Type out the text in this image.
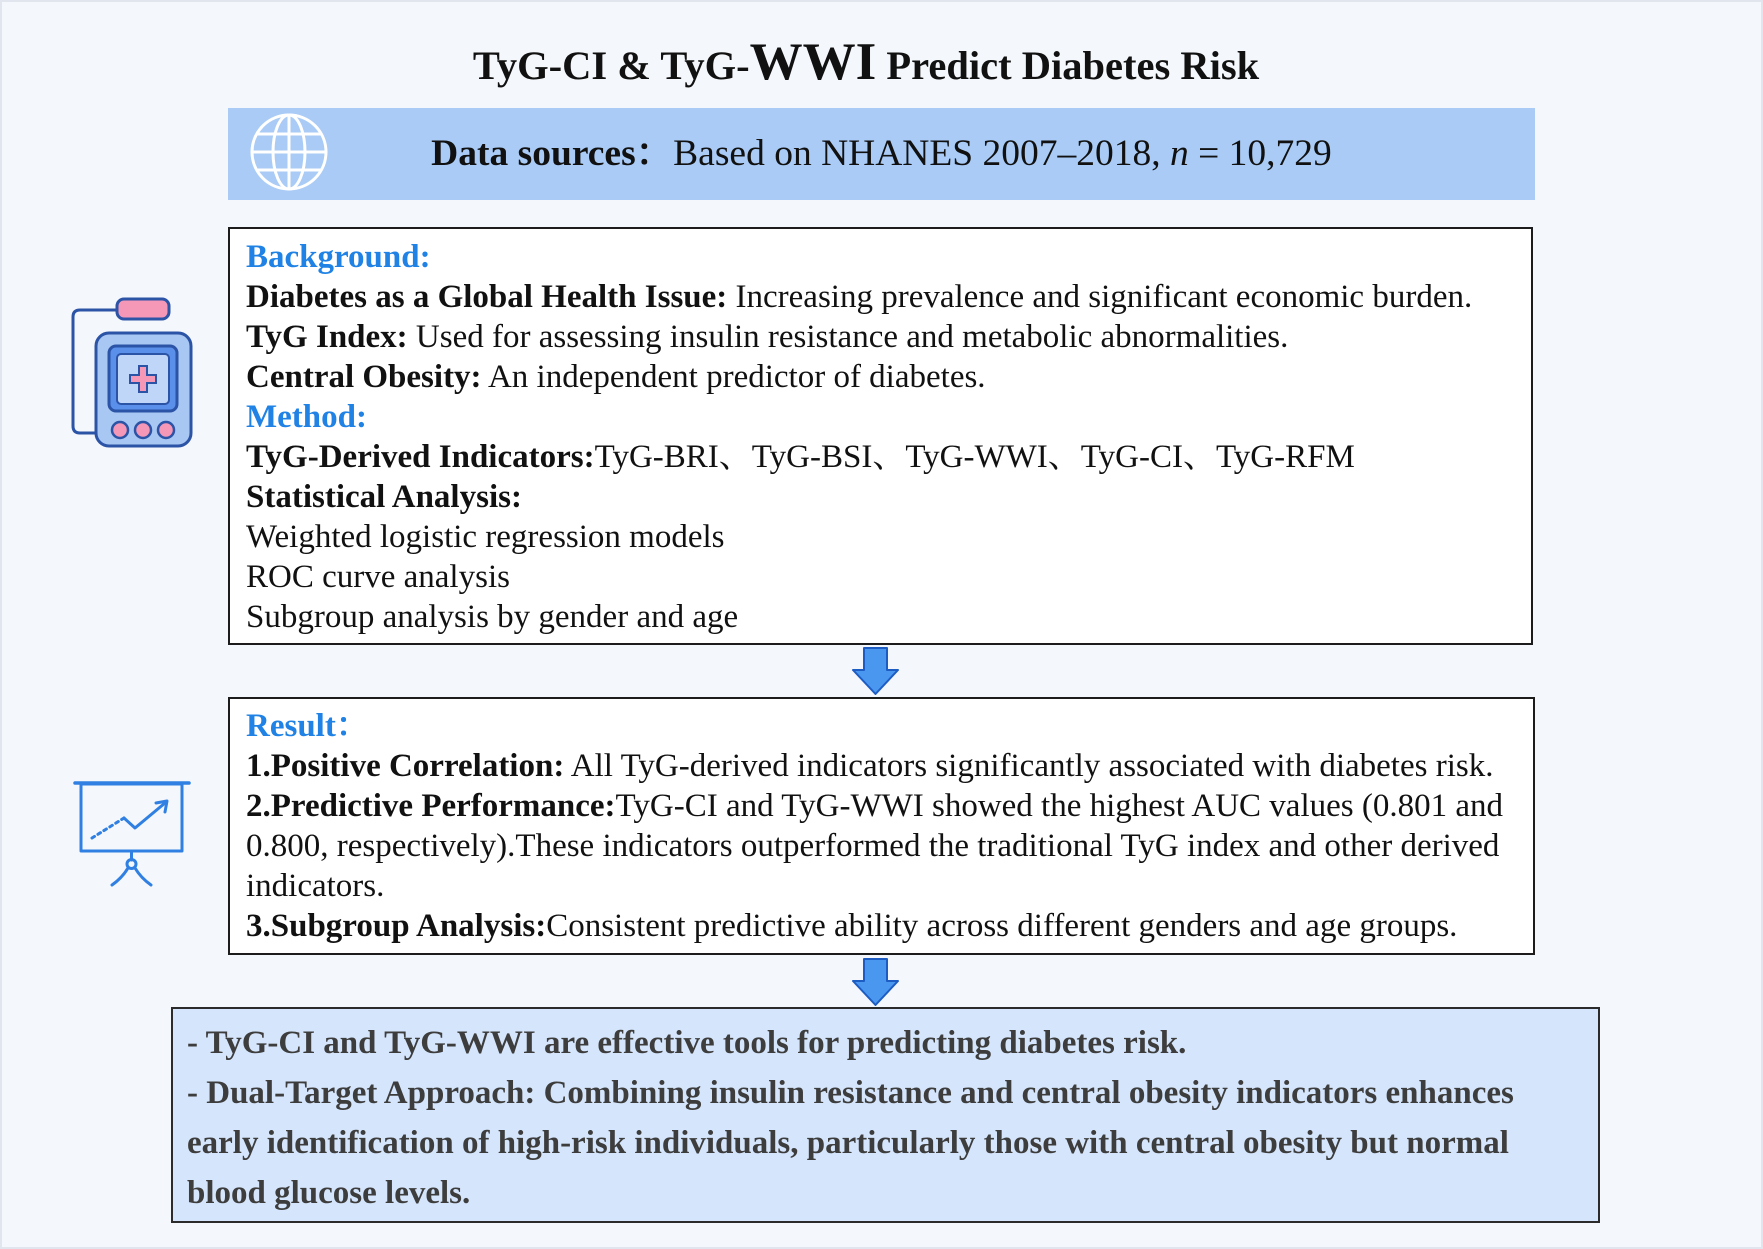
TyG-CI & TyG-WWI Predict Diabetes Risk
Data sources：Based on NHANES 2007–2018, n = 10,729
Background:
Diabetes as a Global Health Issue: Increasing prevalence and significant economic burden.
TyG Index: Used for assessing insulin resistance and metabolic abnormalities.
Central Obesity: An independent predictor of diabetes.
Method:
TyG-Derived Indicators:TyG-BRI、TyG-BSI、TyG-WWI、TyG-CI、TyG-RFM
Statistical Analysis:
Weighted logistic regression models
ROC curve analysis
Subgroup analysis by gender and age
Result：
1.Positive Correlation: All TyG-derived indicators significantly associated with diabetes risk.
2.Predictive Performance:TyG-CI and TyG-WWI showed the highest AUC values (0.801 and
0.800, respectively).These indicators outperformed the traditional TyG index and other derived
indicators.
3.Subgroup Analysis:Consistent predictive ability across different genders and age groups.
- TyG-CI and TyG-WWI are effective tools for predicting diabetes risk.
- Dual-Target Approach: Combining insulin resistance and central obesity indicators enhances
early identification of high-risk individuals, particularly those with central obesity but normal
blood glucose levels.
